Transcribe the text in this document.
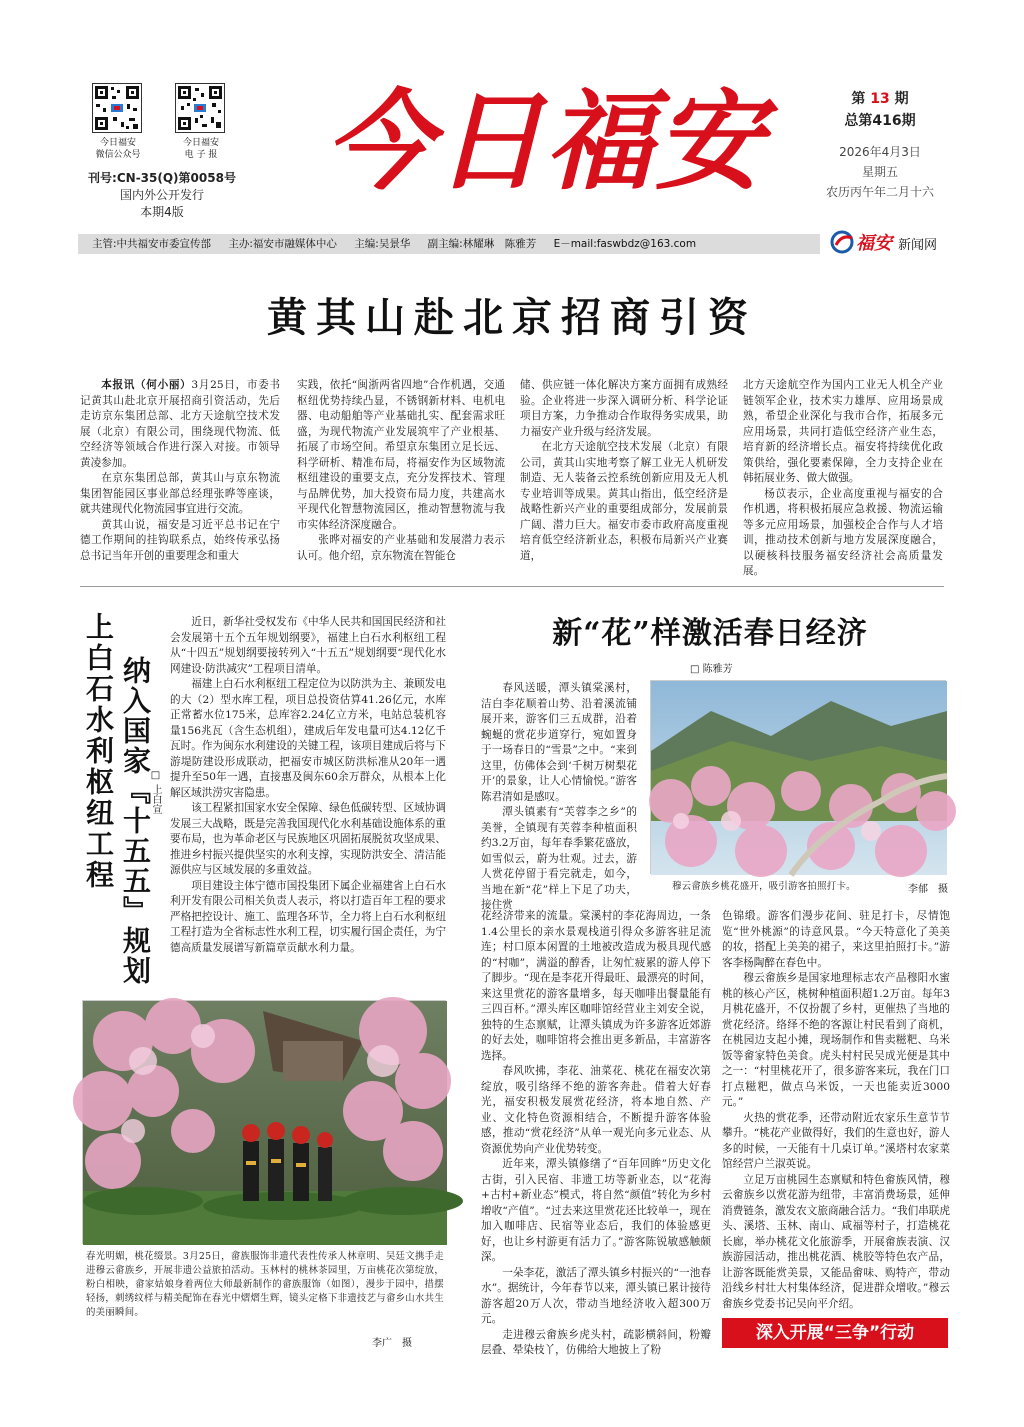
今日福安
微信公众号
今日福安
电 子 报
刊号:CN-35(Q)第0058号
国内外公开发行
本期4版
今日福安	第 13 期
总第416期
2026年4月3日
星期五
农历丙午年二月十六
主管:中共福安市委宣传部 主办:福安市融媒体中心 主编:吴景华 副主编:林耀琳　陈雅芳 E－mail:faswbdz@163.com	福安 新闻网
黄其山赴北京招商引资

本报讯（何小丽）3月25日，市委书记黄其山赴北京开展招商引资活动，先后走访京东集团总部、北方天途航空技术发展（北京）有限公司，围绕现代物流、低空经济等领域合作进行深入对接。市领导黄凌参加。

在京东集团总部，黄其山与京东物流集团智能园区事业部总经理张晔等座谈，就共建现代化物流园事宜进行交流。

黄其山说，福安是习近平总书记在宁德工作期间的挂钩联系点，始终传承弘扬总书记当年开创的重要理念和重大

实践，依托“闽浙两省四地”合作机遇，交通枢纽优势持续凸显，不锈钢新材料、电机电器、电动船舶等产业基础扎实、配套需求旺盛，为现代物流产业发展筑牢了产业根基、拓展了市场空间。希望京东集团立足长远、科学研析、精准布局，将福安作为区域物流枢纽建设的重要支点，充分发挥技术、管理与品牌优势，加大投资布局力度，共建高水平现代化智慧物流园区，推动智慧物流与我市实体经济深度融合。

张晔对福安的产业基础和发展潜力表示认可。他介绍，京东物流在智能仓

储、供应链一体化解决方案方面拥有成熟经验。企业将进一步深入调研分析、科学论证项目方案，力争推动合作取得务实成果，助力福安产业升级与经济发展。

在北方天途航空技术发展（北京）有限公司，黄其山实地考察了解工业无人机研发制造、无人装备云控系统创新应用及无人机专业培训等成果。黄其山指出，低空经济是战略性新兴产业的重要组成部分，发展前景广阔、潜力巨大。福安市委市政府高度重视培育低空经济新业态，积极布局新兴产业赛道，

北方天途航空作为国内工业无人机全产业链领军企业，技术实力雄厚、应用场景成熟，希望企业深化与我市合作，拓展多元应用场景，共同打造低空经济产业生态，培育新的经济增长点。福安将持续优化政策供给，强化要素保障，全力支持企业在韩拓展业务、做大做强。

杨苡表示，企业高度重视与福安的合作机遇，将积极拓展应急救援、物流运输等多元应用场景，加强校企合作与人才培训，推动技术创新与地方发展深度融合，以硬核科技服务福安经济社会高质量发展。

上白石水利枢纽工程 纳入国家『十五五』规划
□ 上白宣

近日，新华社受权发布《中华人民共和国国民经济和社会发展第十五个五年规划纲要》，福建上白石水利枢纽工程从“十四五”规划纲要接转列入“十五五”规划纲要“现代化水网建设·防洪减灾”工程项目清单。

福建上白石水利枢纽工程定位为以防洪为主、兼顾发电的大（2）型水库工程，项目总投资估算41.26亿元，水库正常蓄水位175米，总库容2.24亿立方米，电站总装机容量156兆瓦（含生态机组），建成后年发电量可达4.12亿千瓦时。作为闽东水利建设的关键工程，该项目建成后将与下游堤防建设形成联动，把福安市城区防洪标准从20年一遇提升至50年一遇，直接惠及闽东60余万群众，从根本上化解区域洪涝灾害隐患。

该工程紧扣国家水安全保障、绿色低碳转型、区域协调发展三大战略，既是完善我国现代化水利基础设施体系的重要布局，也为革命老区与民族地区巩固拓展脱贫攻坚成果、推进乡村振兴提供坚实的水利支撑，实现防洪安全、清洁能源供应与区域发展的多重效益。

项目建设主体宁德市国投集团下属企业福建省上白石水利开发有限公司相关负责人表示，将以打造百年工程的要求严格把控设计、施工、监理各环节，全力将上白石水利枢纽工程打造为全省标志性水利工程，切实履行国企责任，为宁德高质量发展谱写新篇章贡献水利力量。

春光明媚，桃花缀景。3月25日，畲族服饰非遗代表性传承人林章明、吴廷文携手走进穆云畲族乡，开展非遗公益旅拍活动。玉林村的桃林茶园里，万亩桃花次第绽放，粉白相映，畲家姑娘身着两位大师最新制作的畲族服饰（如图），漫步于园中，措摆轻扬，刺绣纹样与精美配饰在春光中熠熠生辉，镜头定格下非遗技艺与畲乡山水共生的美丽瞬间。
李广　摄
新“花”样激活春日经济
□ 陈雅芳

春风送暖，潭头镇棠溪村，洁白李花顺着山势、沿着溪流铺展开来，游客们三五成群，沿着蜿蜒的赏花步道穿行，宛如置身于一场春日的“雪景”之中。“来到这里，仿佛体会到‘千树万树梨花开’的景象，让人心情愉悦。”游客陈君清如是感叹。

潭头镇素有“芙蓉李之乡”的美誉，全镇现有芙蓉李种植面积约3.2万亩，每年春季繁花盛放，如雪似云，蔚为壮观。过去，游人赏花停留于看完就走，如今，当地在新“花”样上下足了功夫，接住赏

穆云畲族乡桃花盛开，吸引游客拍照打卡。	李郁　摄

花经济带来的流量。棠溪村的李花海周边，一条1.4公里长的亲水景观栈道引得众多游客驻足流连；村口原本闲置的土地被改造成为极具现代感的“村咖”，满溢的醇香，让匆忙疲累的游人停下了脚步。“现在是李花开得最旺、最漂亮的时间，来这里赏花的游客量增多，每天咖啡出餐量能有三四百杯。”潭头库区咖啡馆经营业主刘安全说，独特的生态禀赋，让潭头镇成为许多游客近郊游的好去处，咖啡馆将会推出更多新品，丰富游客选择。

春风吹拂，李花、油菜花、桃花在福安次第绽放，吸引络绎不绝的游客奔赴。借着大好春光，福安积极发展赏花经济，将本地自然、产业、文化特色资源相结合，不断提升游客体验感，推动“赏花经济”从单一观光向多元业态、从资源优势向产业优势转变。

近年来，潭头镇修缮了“百年回眸”历史文化古街，引入民宿、非遗工坊等新业态，以“花海+古村+新业态”模式，将自然“颜值”转化为乡村增收“产值”。“过去来这里赏花还比较单一，现在加入咖啡店、民宿等业态后，我们的体验感更好，也让乡村游更有活力了。”游客陈锐敏感触颇深。

一朵李花，激活了潭头镇乡村振兴的“一池春水”。据统计，今年春节以来，潭头镇已累计接待游客超20万人次，带动当地经济收入超300万元。

走进穆云畲族乡虎头村，疏影横斜间，粉瓣层叠、晕染枝丫，仿佛给大地披上了粉

色锦缎。游客们漫步花间、驻足打卡，尽情饱览“世外桃源”的诗意风景。“今天特意化了美美的妆，搭配上美美的裙子，来这里拍照打卡。”游客李杨陶醉在春色中。

穆云畲族乡是国家地理标志农产品穆阳水蜜桃的核心产区，桃树种植面积超1.2万亩。每年3月桃花盛开，不仅扮靓了乡村，更催热了当地的赏花经济。络绎不绝的客源让村民看到了商机，在桃园边支起小摊，现场制作和售卖糍粑、乌米饭等畲家特色美食。虎头村村民吴成光便是其中之一：“村里桃花开了，很多游客来玩，我在门口打点糍粑，做点乌米饭，一天也能卖近3000元。”

火热的赏花季，还带动附近农家乐生意节节攀升。“桃花产业做得好，我们的生意也好，游人多的时候，一天能有十几桌订单。”溪塔村农家菜馆经营户兰淑英说。

立足万亩桃园生态禀赋和特色畲族风情，穆云畲族乡以赏花游为纽带，丰富消费场景，延伸消费链条，激发农文旅商融合活力。“我们串联虎头、溪塔、玉林、南山、咸福等村子，打造桃花长廊，举办桃花文化旅游季，开展畲族表演、汉族游园活动，推出桃花酒、桃胶等特色农产品，让游客既能赏美景，又能品畲味、购特产，带动沿线乡村壮大村集体经济，促进群众增收。”穆云畲族乡党委书记吴向平介绍。

深入开展“三争”行动
